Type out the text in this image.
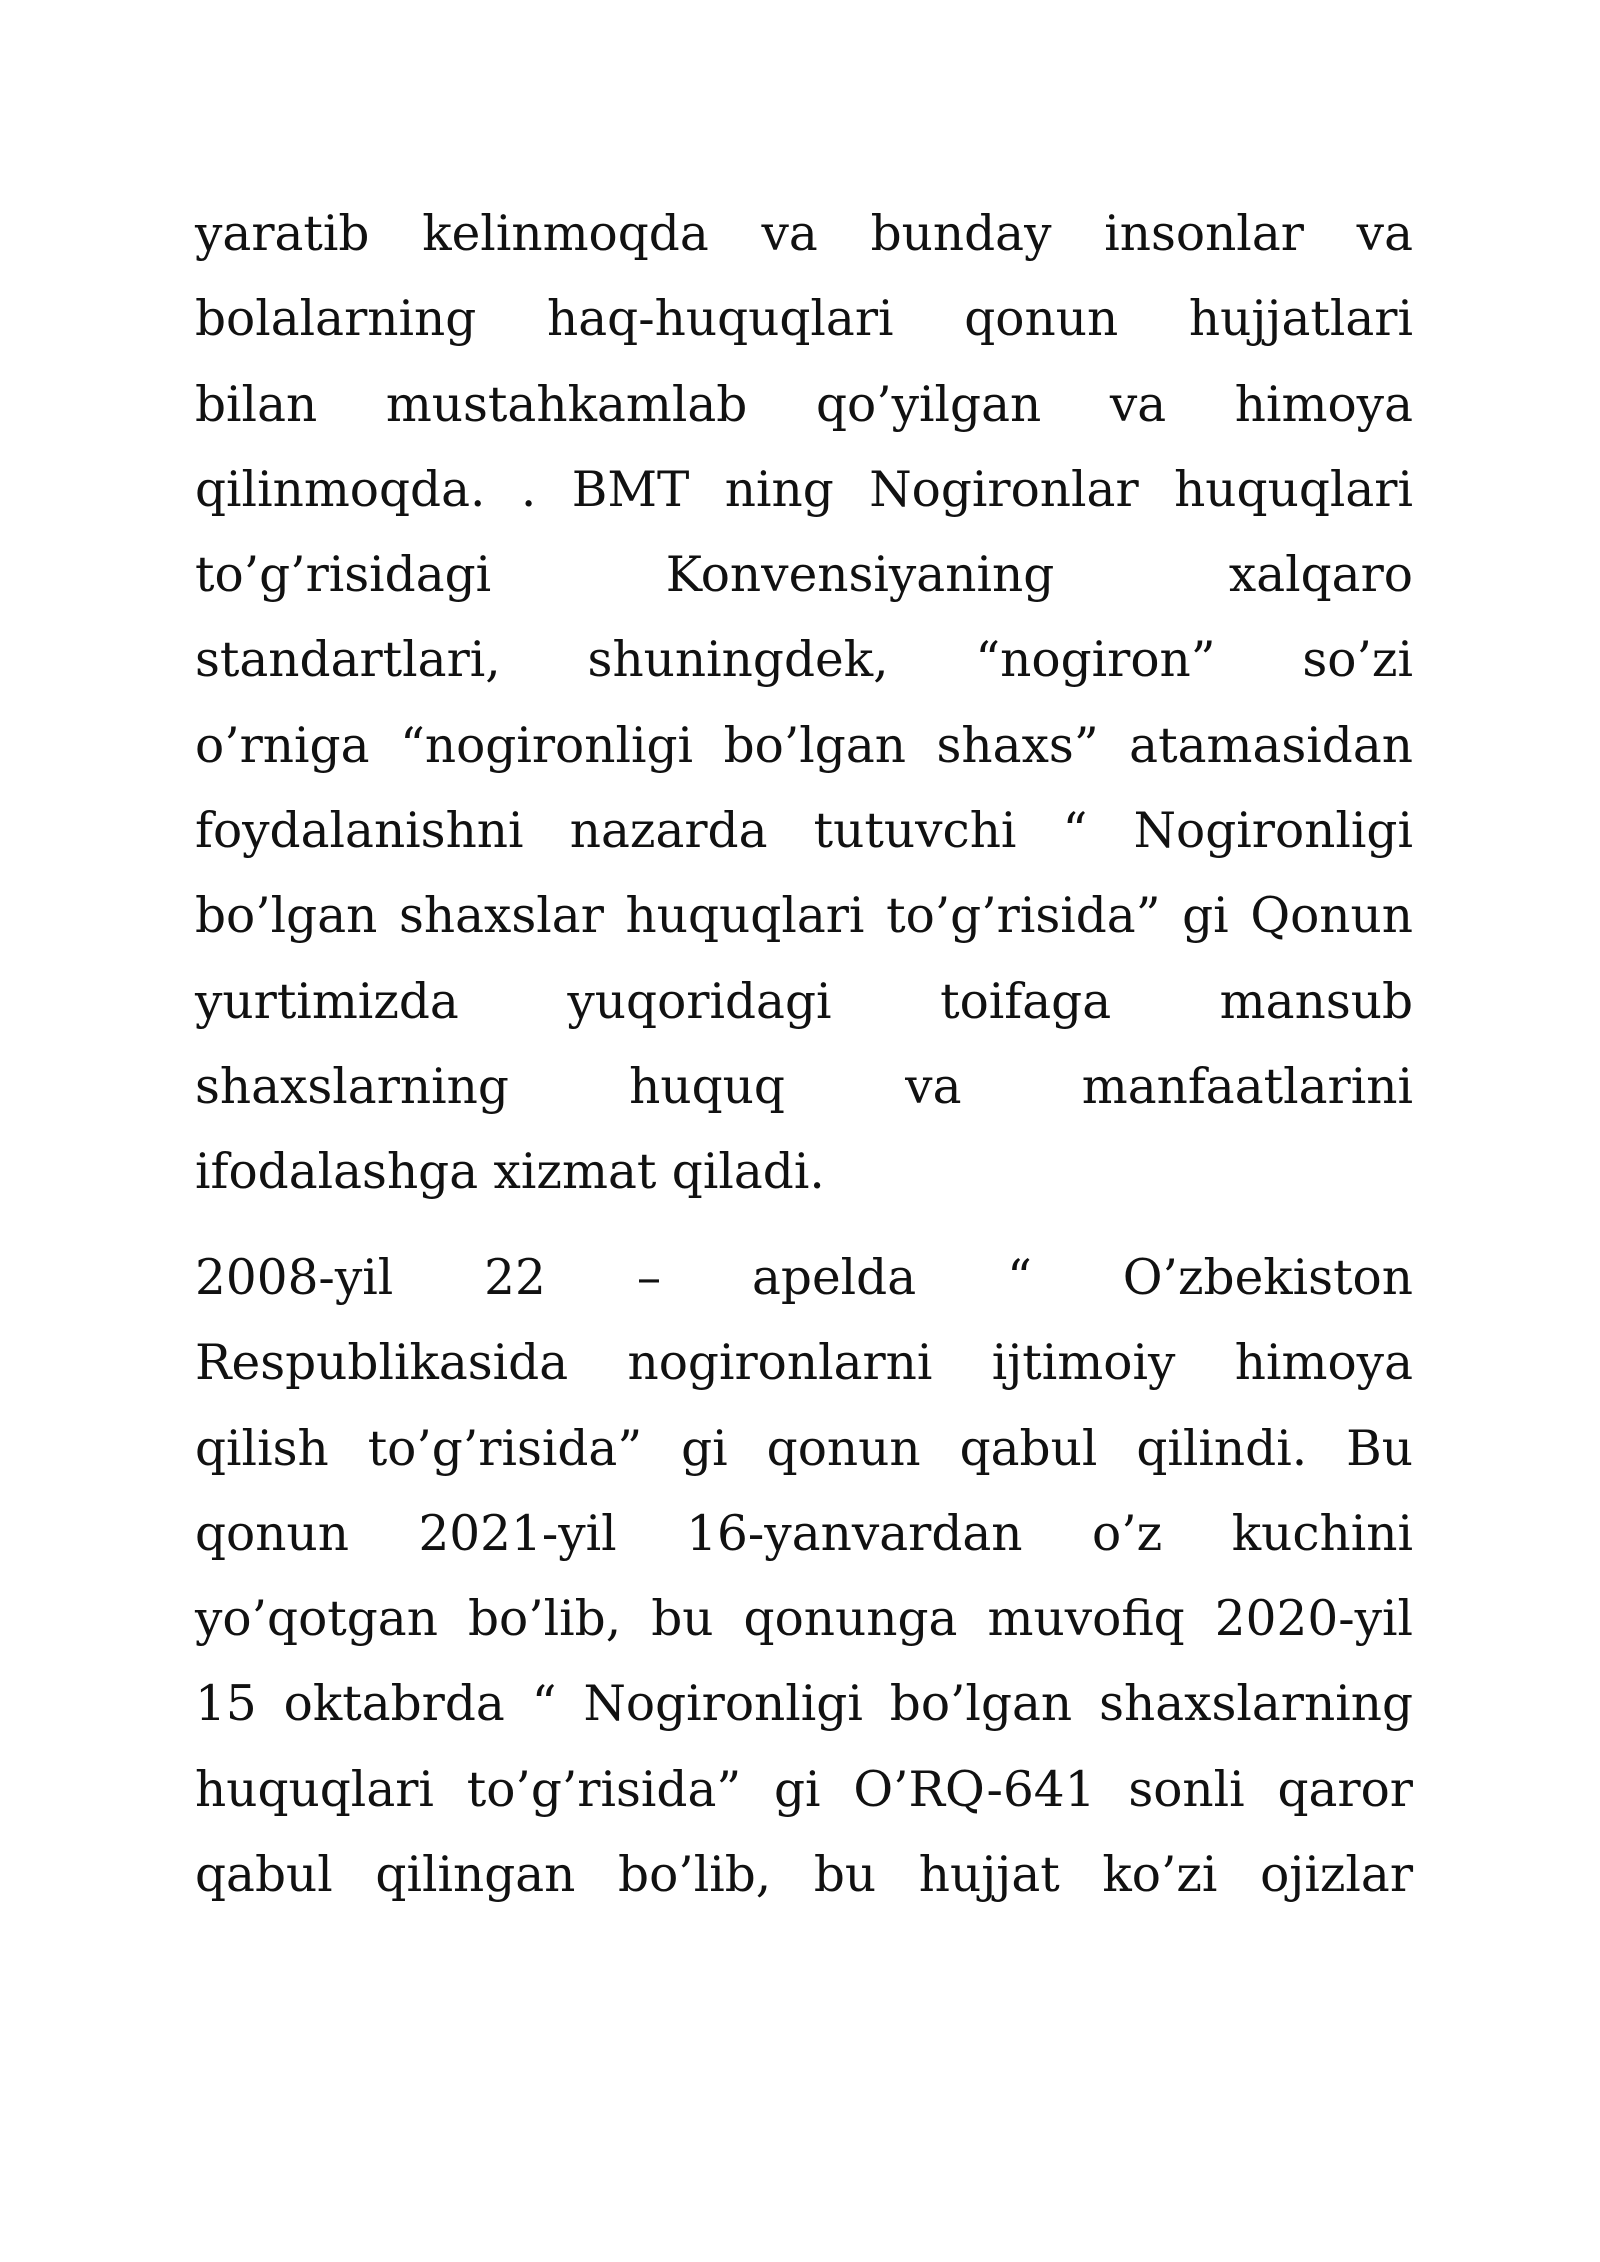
yaratib kelinmoqda va bunday insonlar va
bolalarning haq-huquqlari qonun hujjatlari
bilan mustahkamlab qo’yilgan va himoya
qilinmoqda. . BMT ning Nogironlar huquqlari
to’g’risidagi Konvensiyaning xalqaro
standartlari, shuningdek, “nogiron” so’zi
o’rniga “nogironligi bo’lgan shaxs” atamasidan
foydalanishni nazarda tutuvchi “ Nogironligi
bo’lgan shaxslar huquqlari to’g’risida” gi Qonun
yurtimizda yuqoridagi toifaga mansub
shaxslarning huquq va manfaatlarini
ifodalashga xizmat qiladi.
2008-yil 22 – apelda “ O’zbekiston
Respublikasida nogironlarni ijtimoiy himoya
qilish to’g’risida” gi qonun qabul qilindi. Bu
qonun 2021-yil 16-yanvardan o’z kuchini
yo’qotgan bo’lib, bu qonunga muvofiq 2020-yil
15 oktabrda “ Nogironligi bo’lgan shaxslarning
huquqlari to’g’risida” gi O’RQ-641 sonli qaror
qabul qilingan bo’lib, bu hujjat ko’zi ojizlar
